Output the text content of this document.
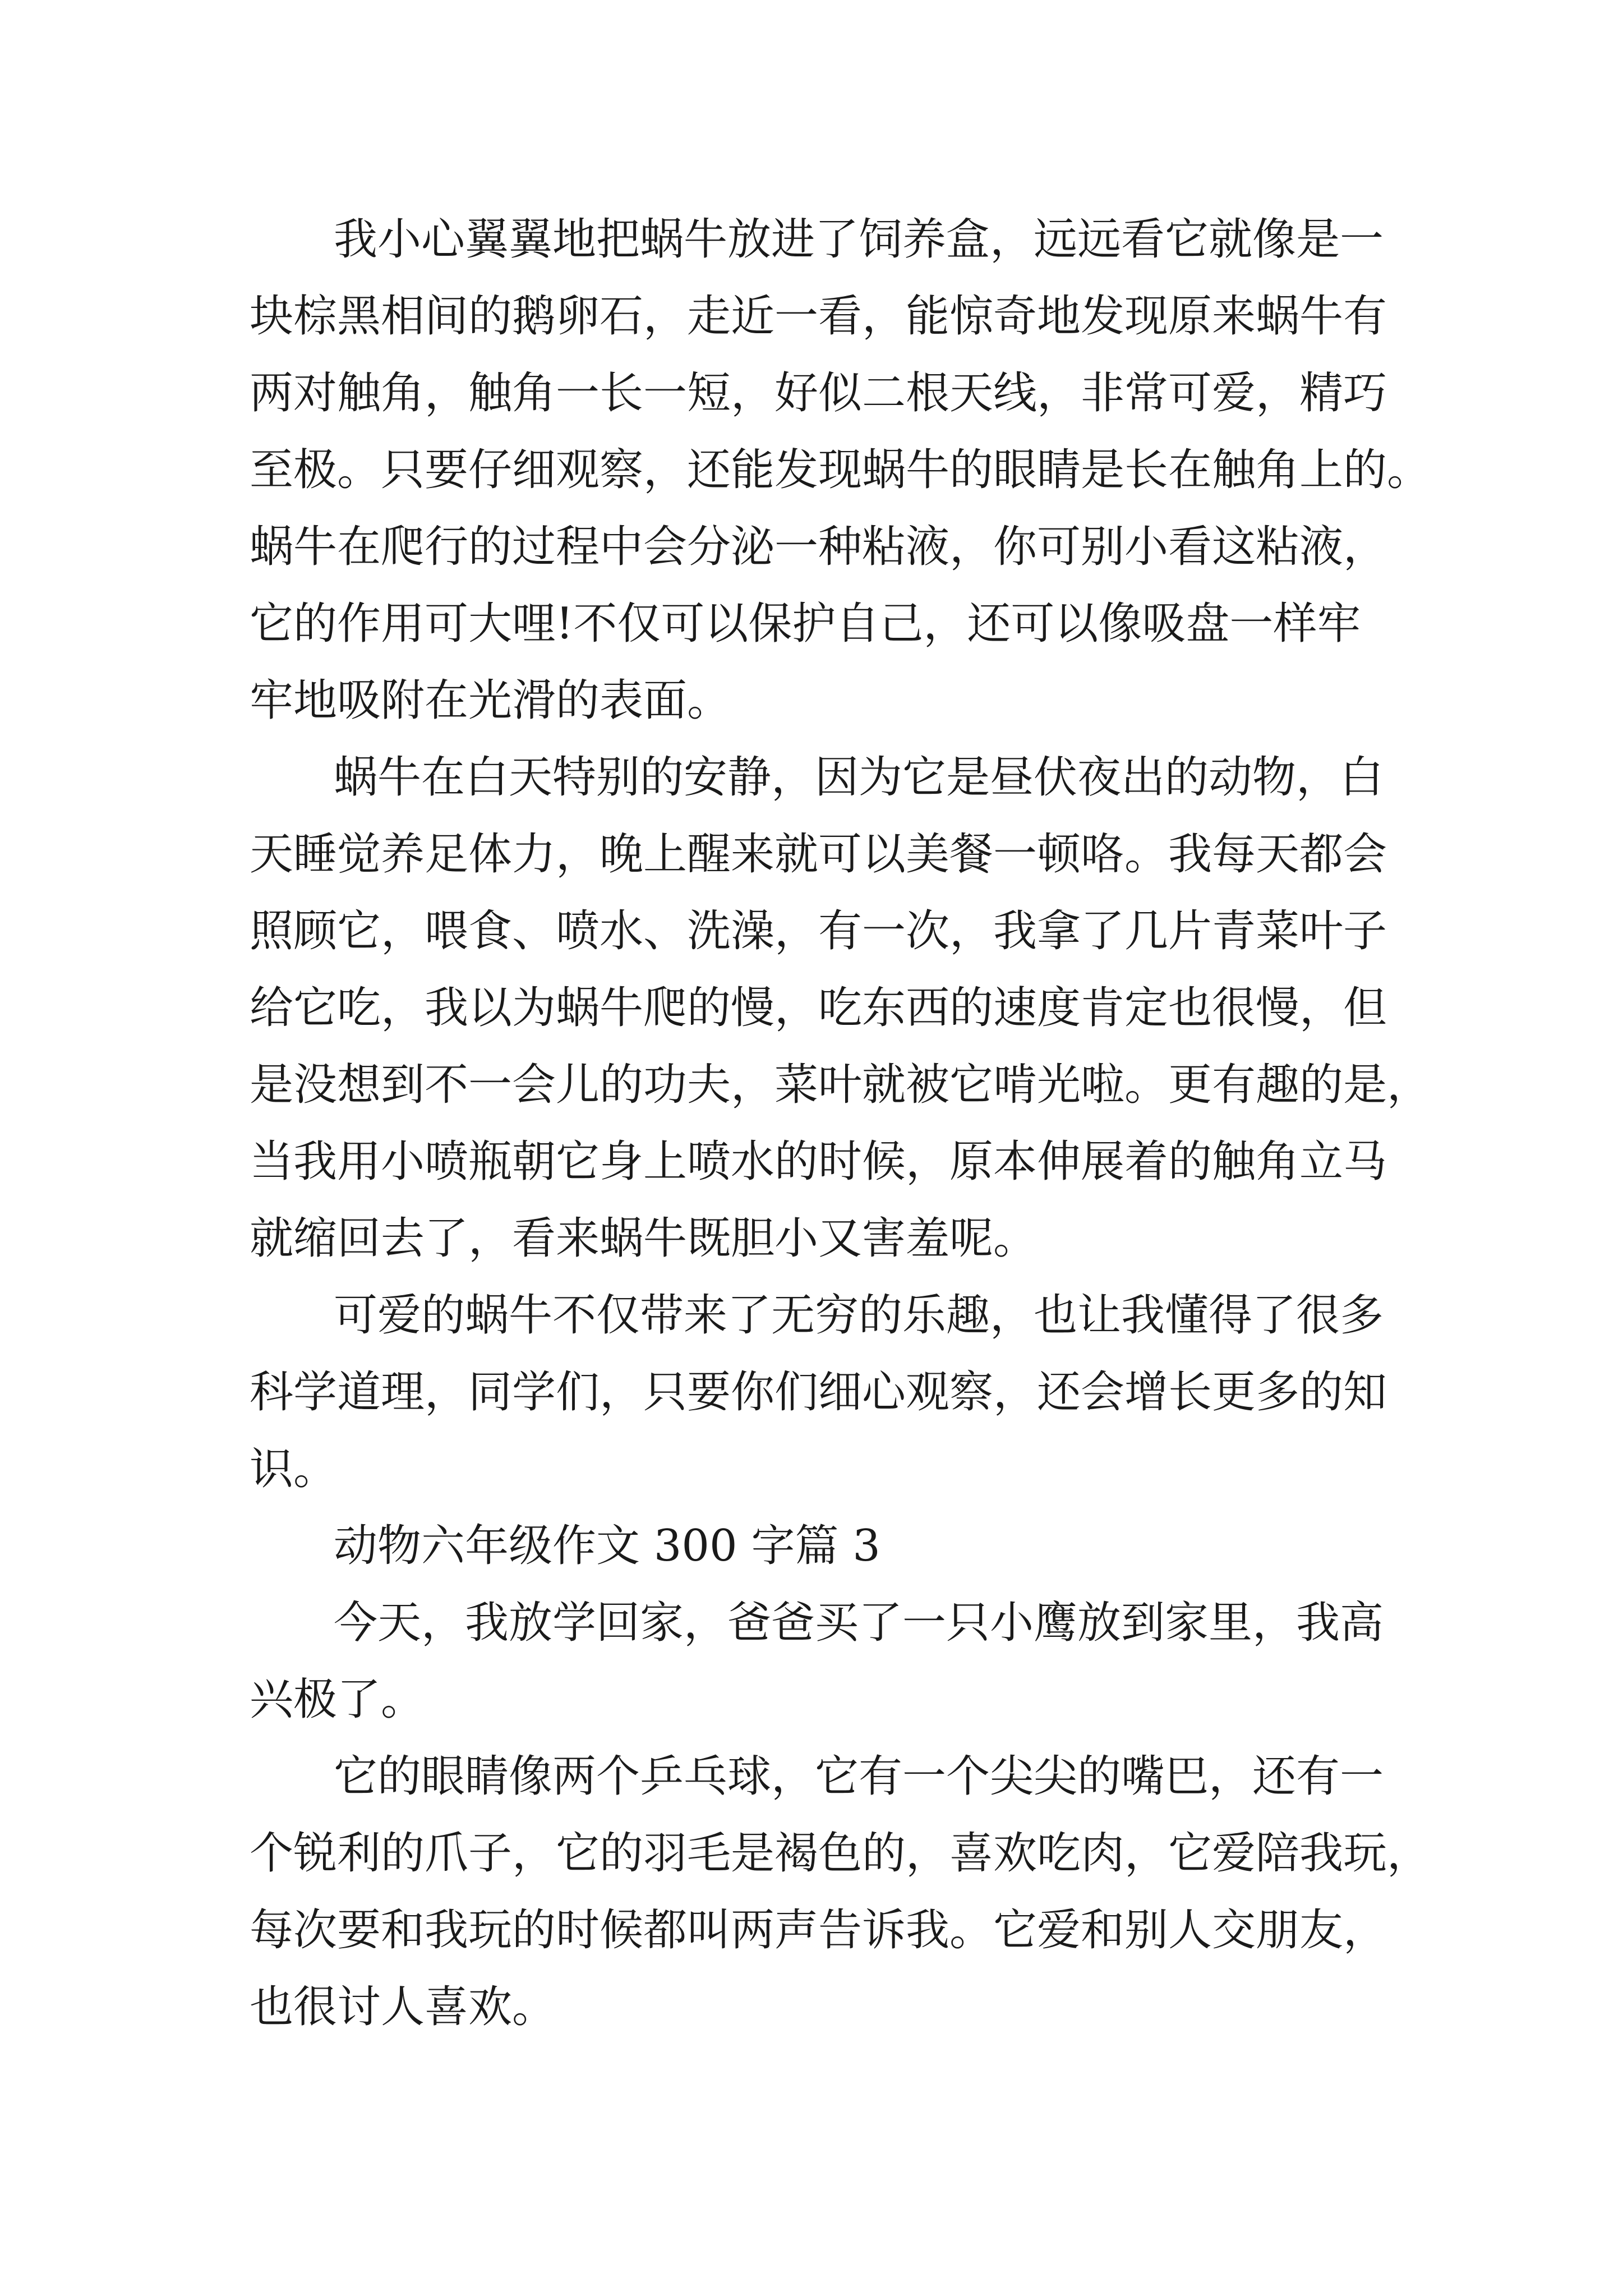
我小心翼翼地把蜗牛放进了饲养盒，远远看它就像是一
块棕黑相间的鹅卵石，走近一看，能惊奇地发现原来蜗牛有
两对触角，触角一长一短，好似二根天线，非常可爱，精巧
至极。只要仔细观察，还能发现蜗牛的眼睛是长在触角上的。
蜗牛在爬行的过程中会分泌一种粘液，你可别小看这粘液，
它的作用可大哩!不仅可以保护自己，还可以像吸盘一样牢
牢地吸附在光滑的表面。
蜗牛在白天特别的安静，因为它是昼伏夜出的动物，白
天睡觉养足体力，晚上醒来就可以美餐一顿咯。我每天都会
照顾它，喂食、喷水、洗澡，有一次，我拿了几片青菜叶子
给它吃，我以为蜗牛爬的慢，吃东西的速度肯定也很慢，但
是没想到不一会儿的功夫，菜叶就被它啃光啦。更有趣的是，
当我用小喷瓶朝它身上喷水的时候，原本伸展着的触角立马
就缩回去了，看来蜗牛既胆小又害羞呢。
可爱的蜗牛不仅带来了无穷的乐趣，也让我懂得了很多
科学道理，同学们，只要你们细心观察，还会增长更多的知
识。
动物六年级作文 300 字篇 3
今天，我放学回家，爸爸买了一只小鹰放到家里，我高
兴极了。
它的眼睛像两个乒乓球，它有一个尖尖的嘴巴，还有一
个锐利的爪子，它的羽毛是褐色的，喜欢吃肉，它爱陪我玩，
每次要和我玩的时候都叫两声告诉我。它爱和别人交朋友，
也很讨人喜欢。
